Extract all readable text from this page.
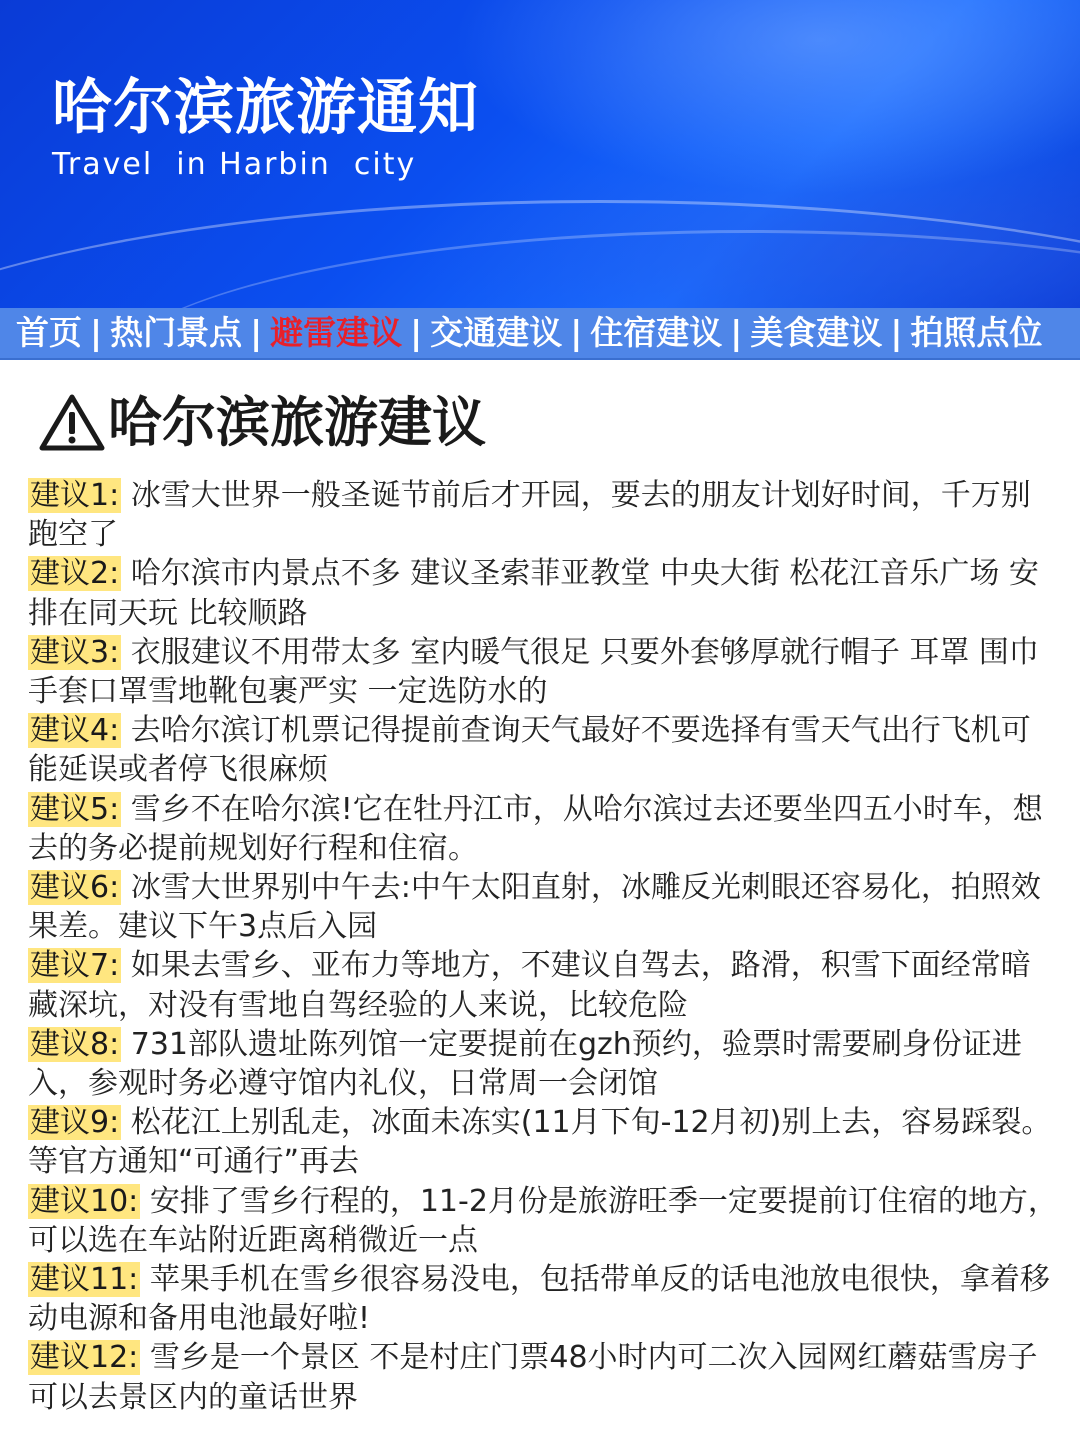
哈尔滨旅游通知
Travel  in Harbin  city
首页 | 热门景点 | 避雷建议 | 交通建议 | 住宿建议 | 美食建议 | 拍照点位
哈尔滨旅游建议
建议1: 冰雪大世界一般圣诞节前后才开园，要去的朋友计划好时间，千万别跑空了
建议2: 哈尔滨市内景点不多 建议圣索菲亚教堂 中央大街 松花江音乐广场 安排在同天玩 比较顺路
建议3: 衣服建议不用带太多 室内暖气很足 只要外套够厚就行帽子 耳罩 围巾手套口罩雪地靴包裹严实 一定选防水的
建议4: 去哈尔滨订机票记得提前查询天气最好不要选择有雪天气出行飞机可能延误或者停飞很麻烦
建议5: 雪乡不在哈尔滨!它在牡丹江市，从哈尔滨过去还要坐四五小时车，想去的务必提前规划好行程和住宿。
建议6: 冰雪大世界别中午去:中午太阳直射，冰雕反光刺眼还容易化，拍照效果差。建议下午3点后入园
建议7: 如果去雪乡、亚布力等地方，不建议自驾去，路滑，积雪下面经常暗藏深坑，对没有雪地自驾经验的人来说，比较危险
建议8: 731部队遗址陈列馆一定要提前在gzh预约，验票时需要刷身份证进入，参观时务必遵守馆内礼仪，日常周一会闭馆
建议9: 松花江上别乱走，冰面未冻实(11月下旬-12月初)别上去，容易踩裂。等官方通知“可通行”再去
建议10: 安排了雪乡行程的，11-2月份是旅游旺季一定要提前订住宿的地方，可以选在车站附近距离稍微近一点
建议11: 苹果手机在雪乡很容易没电，包括带单反的话电池放电很快，拿着移动电源和备用电池最好啦!
建议12: 雪乡是一个景区 不是村庄门票48小时内可二次入园网红蘑菇雪房子 可以去景区内的童话世界
